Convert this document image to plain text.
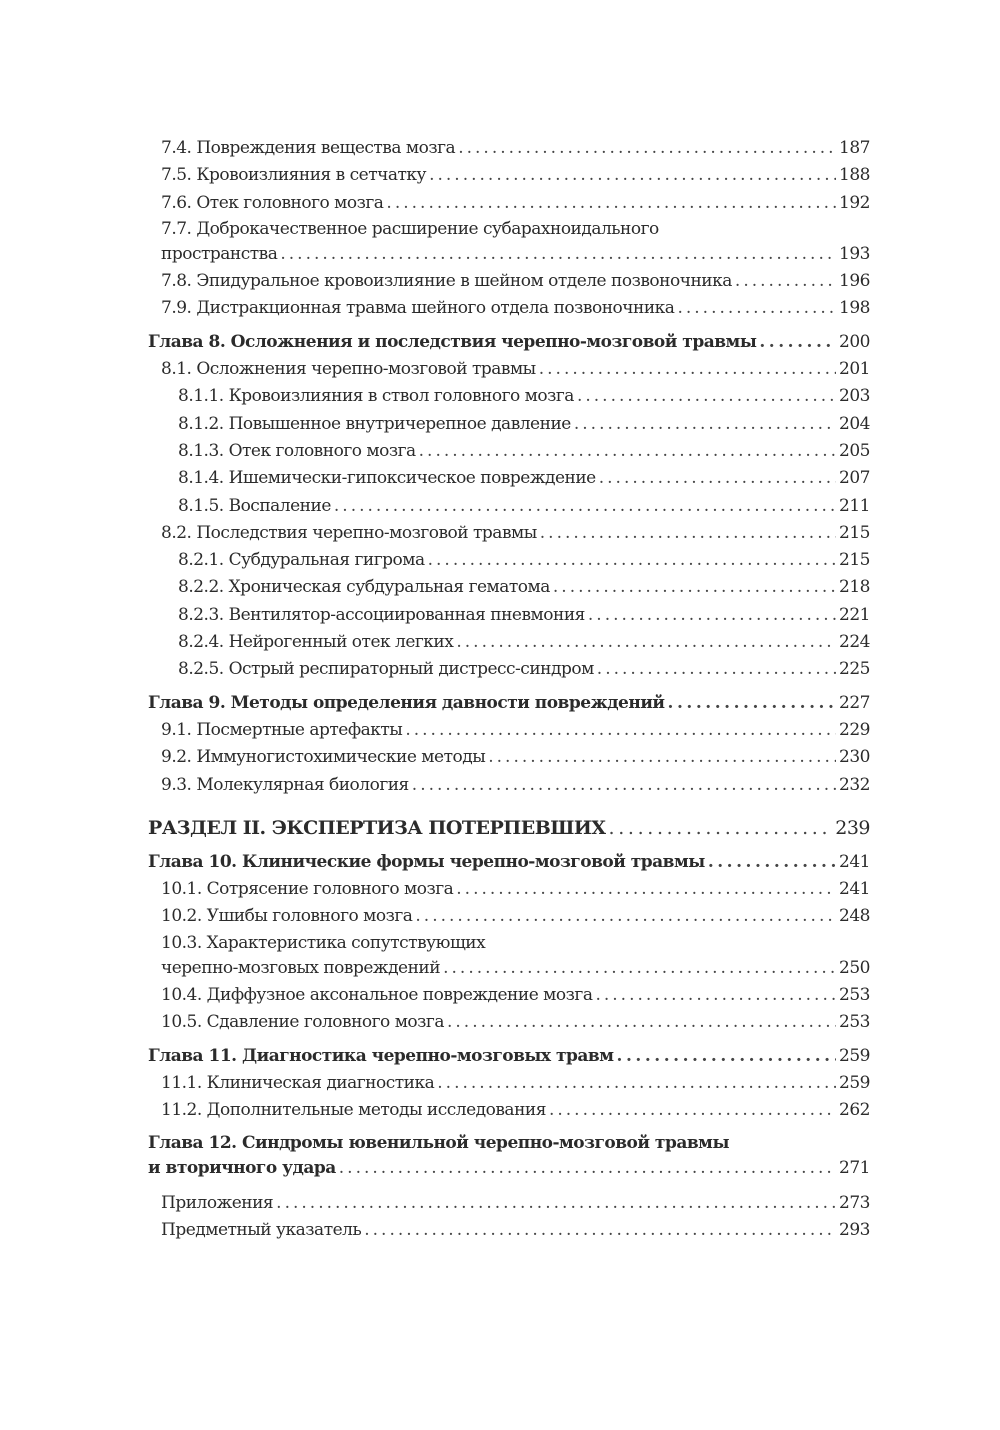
7.4. Повреждения вещества мозга . . .	187
7.5. Кровоизлияния в сетчатку . . .	188
7.6. Отек головного мозга . . .	192
7.7. Доброкачественное расширение субарахноидального
пространства . . .	193
7.8. Эпидуральное кровоизлияние в шейном отделе позвоночника . . .	196
7.9. Дистракционная травма шейного отдела позвоночника . . .	198
Глава 8. Осложнения и последствия черепно-мозговой травмы . . .	200
8.1. Осложнения черепно-мозговой травмы . . .	201
8.1.1. Кровоизлияния в ствол головного мозга . . .	203
8.1.2. Повышенное внутричерепное давление . . .	204
8.1.3. Отек головного мозга . . .	205
8.1.4. Ишемически-гипоксическое повреждение . . .	207
8.1.5. Воспаление . . .	211
8.2. Последствия черепно-мозговой травмы . . .	215
8.2.1. Субдуральная гигрома . . .	215
8.2.2. Хроническая субдуральная гематома . . .	218
8.2.3. Вентилятор-ассоциированная пневмония . . .	221
8.2.4. Нейрогенный отек легких . . .	224
8.2.5. Острый респираторный дистресс-синдром . . .	225
Глава 9. Методы определения давности повреждений . . .	227
9.1. Посмертные артефакты . . .	229
9.2. Иммуногистохимические методы . . .	230
9.3. Молекулярная биология . . .	232
РАЗДЕЛ II. ЭКСПЕРТИЗА ПОТЕРПЕВШИХ . . .	239
Глава 10. Клинические формы черепно-мозговой травмы . . .	241
10.1. Сотрясение головного мозга . . .	241
10.2. Ушибы головного мозга . . .	248
10.3. Характеристика сопутствующих
черепно-мозговых повреждений . . .	250
10.4. Диффузное аксональное повреждение мозга . . .	253
10.5. Сдавление головного мозга . . .	253
Глава 11. Диагностика черепно-мозговых травм . . .	259
11.1. Клиническая диагностика . . .	259
11.2. Дополнительные методы исследования . . .	262
Глава 12. Синдромы ювенильной черепно-мозговой травмы
и вторичного удара . . .	271
Приложения . . .	273
Предметный указатель . . .	293
